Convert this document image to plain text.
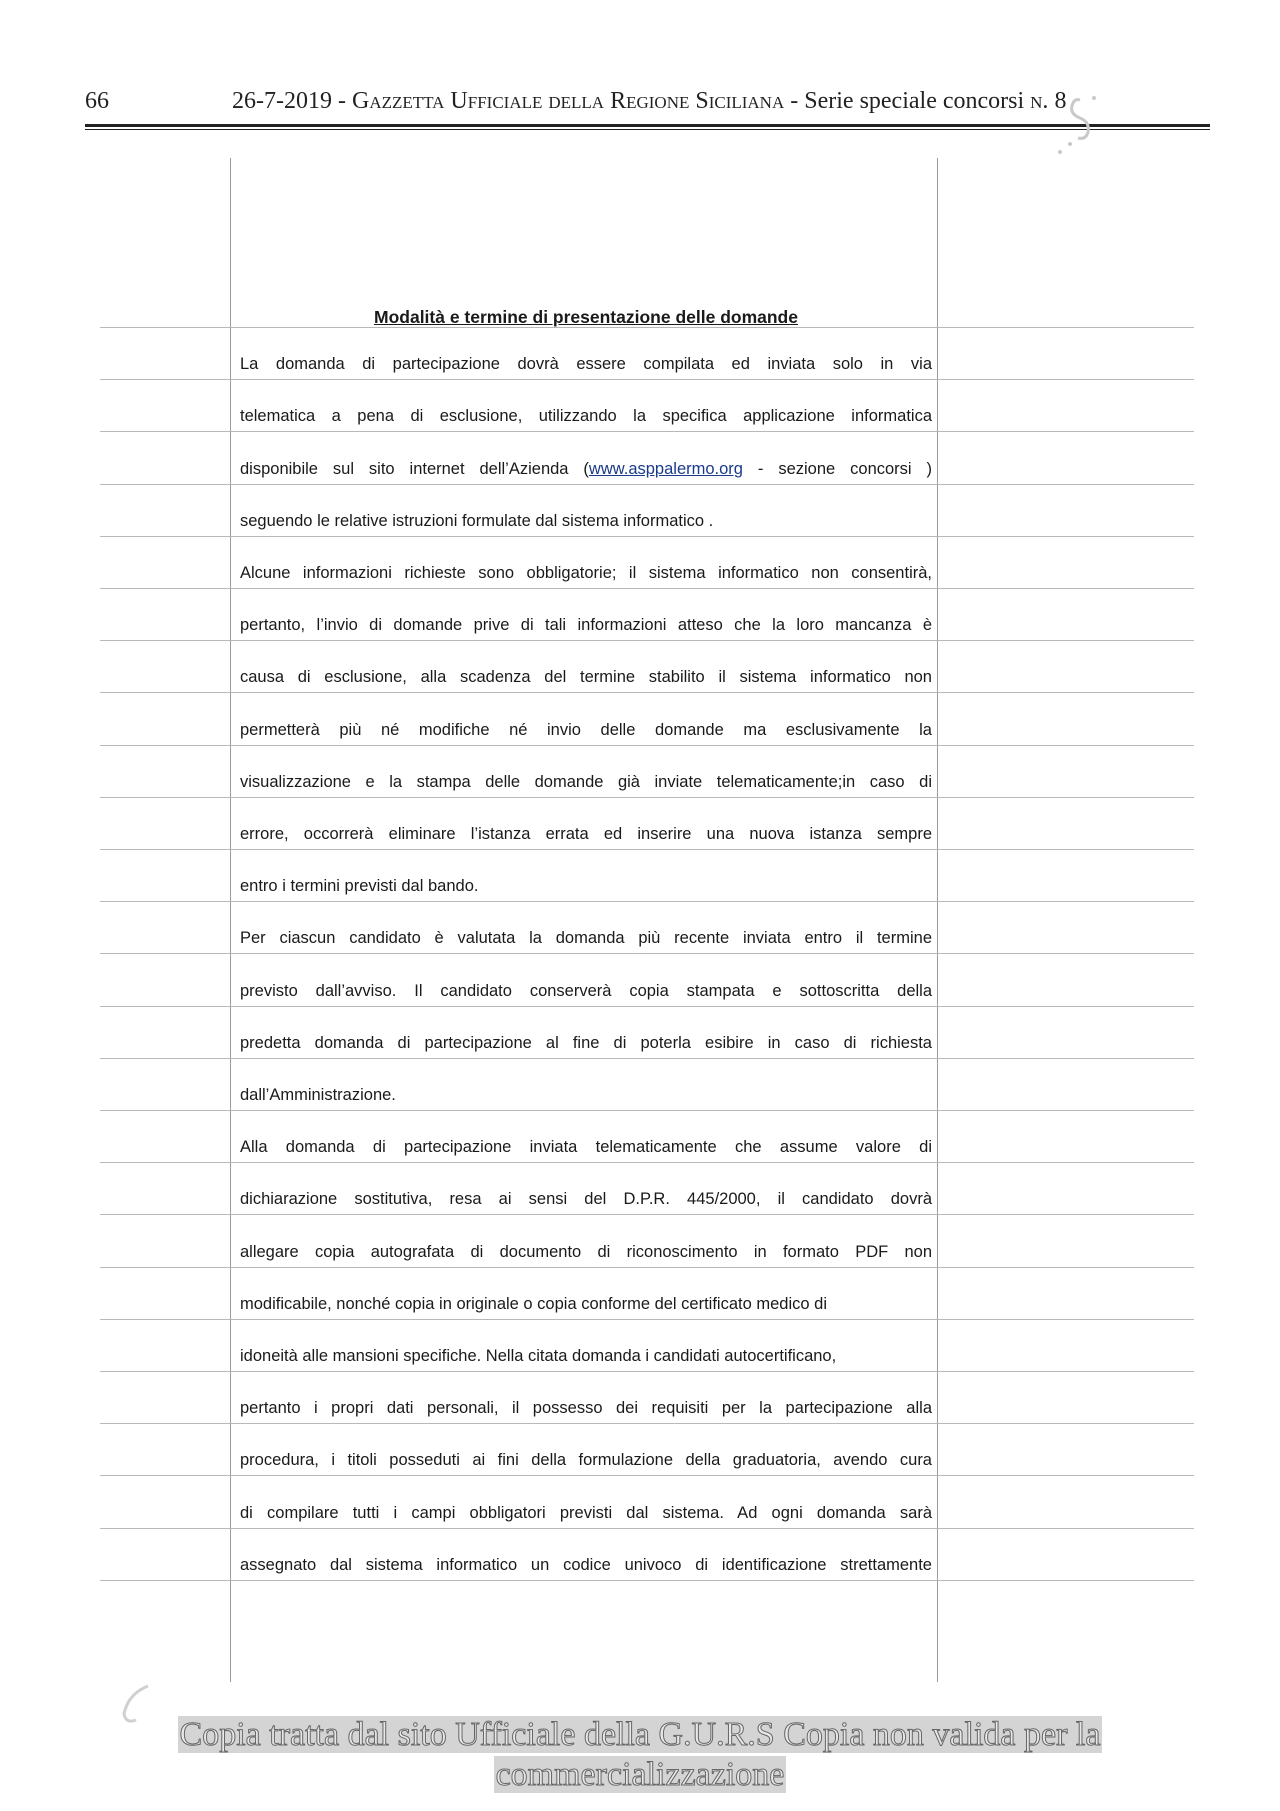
66	26-7-2019 - Gazzetta Ufficiale della Regione Siciliana - Serie speciale concorsi n. 8
Modalità e termine di presentazione delle domande
La domanda di partecipazione dovrà essere compilata ed inviata solo in via
telematica a pena di esclusione, utilizzando la specifica applicazione informatica
disponibile sul sito internet dell’Azienda (www.asppalermo.org - sezione concorsi )
seguendo le relative istruzioni formulate dal sistema informatico .
Alcune informazioni richieste sono obbligatorie; il sistema informatico non consentirà,
pertanto, l’invio di domande prive di tali informazioni atteso che la loro mancanza è
causa di esclusione, alla scadenza del termine stabilito il sistema informatico non
permetterà più né modifiche né invio delle domande ma esclusivamente la
visualizzazione e la stampa delle domande già inviate telematicamente;in caso di
errore, occorrerà eliminare l’istanza errata ed inserire una nuova istanza sempre
entro i termini previsti dal bando.
Per ciascun candidato è valutata la domanda più recente inviata entro il termine
previsto dall’avviso. Il candidato conserverà copia stampata e sottoscritta della
predetta domanda di partecipazione al fine di poterla esibire in caso di richiesta
dall’Amministrazione.
Alla domanda di partecipazione inviata telematicamente che assume valore di
dichiarazione sostitutiva, resa ai sensi del D.P.R. 445/2000, il candidato dovrà
allegare copia autografata di documento di riconoscimento in formato PDF non
modificabile, nonché copia in originale o copia conforme del certificato medico di
idoneità alle mansioni specifiche. Nella citata domanda i candidati autocertificano,
pertanto i propri dati personali, il possesso dei requisiti per la partecipazione alla
procedura, i titoli posseduti ai fini della formulazione della graduatoria, avendo cura
di compilare tutti i campi obbligatori previsti dal sistema. Ad ogni domanda sarà
assegnato dal sistema informatico un codice univoco di identificazione strettamente
Copia tratta dal sito Ufficiale della G.U.R.S Copia non valida per la
commercializzazione
